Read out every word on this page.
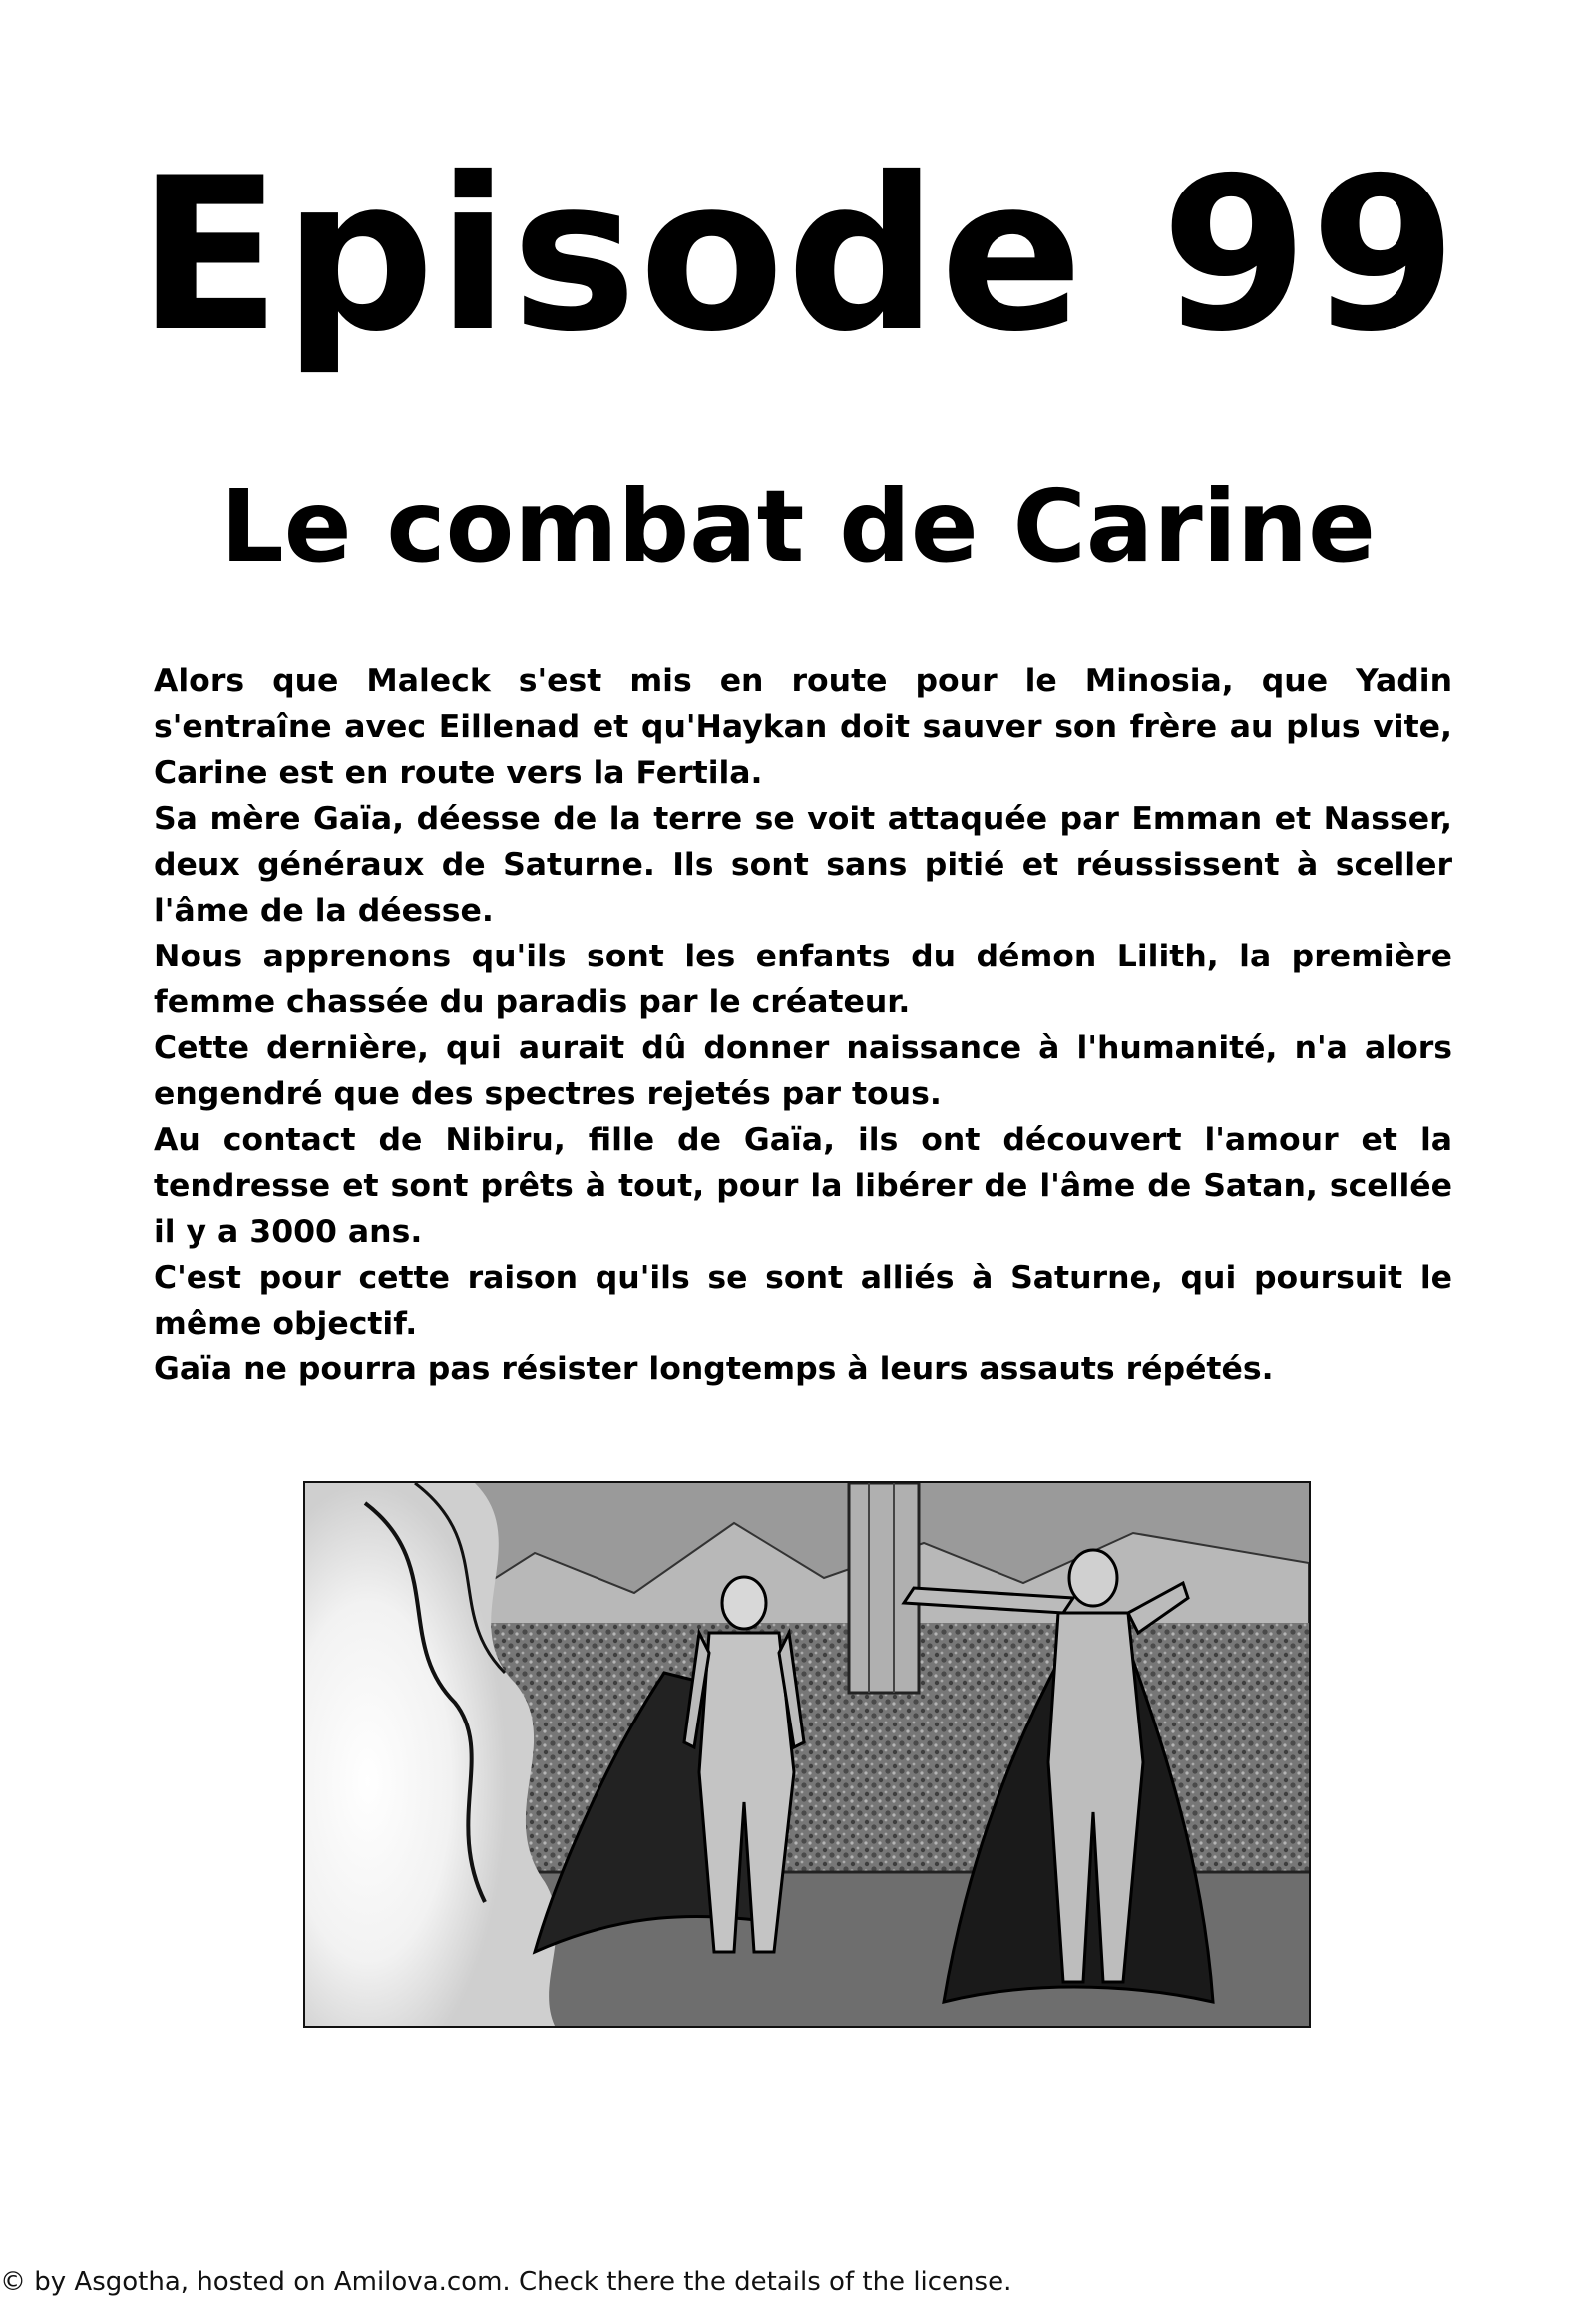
Episode 99
Le combat de Carine

Alors que Maleck s'est mis en route pour le Minosia, que Yadin s'entraîne avec Eillenad et qu'Haykan doit sauver son frère au plus vite, Carine est en route vers la Fertila.

Sa mère Gaïa, déesse de la terre se voit attaquée par Emman et Nasser, deux généraux de Saturne. Ils sont sans pitié et réussissent à sceller l'âme de la déesse.

Nous apprenons qu'ils sont les enfants du démon Lilith, la première femme chassée du paradis par le créateur.

Cette dernière, qui aurait dû donner naissance à l'humanité, n'a alors engendré que des spectres rejetés par tous.

Au contact de Nibiru, fille de Gaïa, ils ont découvert l'amour et la tendresse et sont prêts à tout, pour la libérer de l'âme de Satan, scellée il y a 3000 ans.

C'est pour cette raison qu'ils se sont alliés à Saturne, qui poursuit le même objectif.

Gaïa ne pourra pas résister longtemps à leurs assauts répétés.

© by Asgotha, hosted on Amilova.com. Check there the details of the license.
